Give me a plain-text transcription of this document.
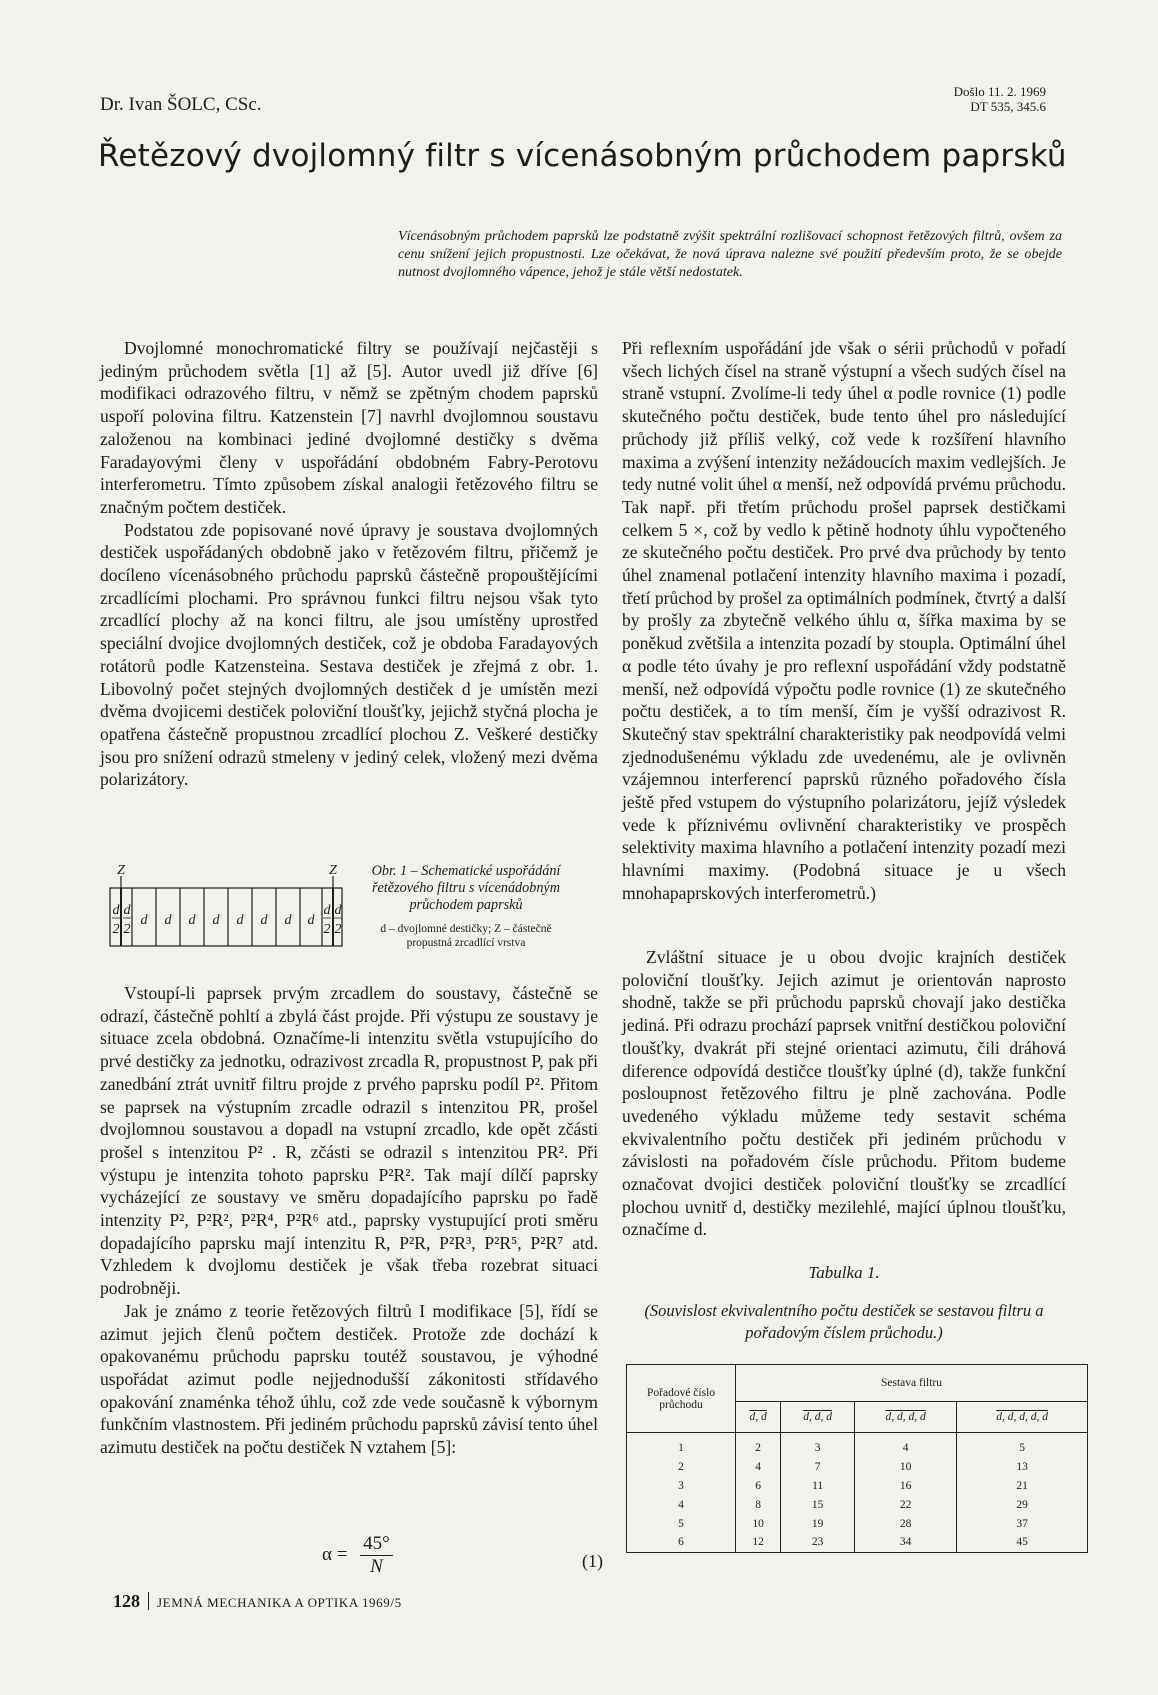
Dr. Ivan ŠOLC, CSc.
Došlo 11. 2. 1969
DT 535, 345.6
Řetězový dvojlomný filtr s vícenásobným průchodem paprsků
Vícenásobným průchodem paprsků lze podstatně zvýšit spektrální rozlišovací schopnost řetězových filtrů, ovšem za cenu snížení jejich propustnosti. Lze očekávat, že nová úprava nalezne své použití především proto, že se obejde nutnost dvojlomného vápence, jehož je stále větší nedostatek.

Dvojlomné monochromatické filtry se používají nejčastěji s jediným průchodem světla [1] až [5]. Autor uvedl již dříve [6] modifikaci odrazového filtru, v němž se zpětným chodem paprsků uspoří polovina filtru. Katzenstein [7] navrhl dvojlomnou soustavu založenou na kombinaci jediné dvojlomné destičky s dvěma Faradayovými členy v uspořádání obdobném Fabry-Perotovu interferometru. Tímto způsobem získal analogii řetězového filtru se značným počtem destiček.

Podstatou zde popisované nové úpravy je soustava dvojlomných destiček uspořádaných obdobně jako v řetězovém filtru, přičemž je docíleno vícenásobného průchodu paprsků částečně propouštějícími zrcadlícími plochami. Pro správnou funkci filtru nejsou však tyto zrcadlící plochy až na konci filtru, ale jsou umístěny uprostřed speciální dvojice dvojlomných destiček, což je obdoba Faradayových rotátorů podle Katzensteina. Sestava destiček je zřejmá z obr. 1. Libovolný počet stejných dvojlomných destiček d je umístěn mezi dvěma dvojicemi destiček poloviční tloušťky, jejichž styčná plocha je opatřena částečně propustnou zrcadlící plochou Z. Veškeré destičky jsou pro snížení odrazů stmeleny v jediný celek, vložený mezi dvěma polarizátory.

Z	Z
d
2
d
2
d d d d d d d d
d
2
d
2
Obr. 1 – Schematické uspořádání řetězového filtru s vícenádobným průchodem paprsků
d – dvojlomné destičky; Z – částečně propustná zrcadlící vrstva

Vstoupí-li paprsek prvým zrcadlem do soustavy, částečně se odrazí, částečně pohltí a zbylá část projde. Při výstupu ze soustavy je situace zcela obdobná. Označíme-li intenzitu světla vstupujícího do prvé destičky za jednotku, odrazivost zrcadla R, propustnost P, pak při zanedbání ztrát uvnitř filtru projde z prvého paprsku podíl P². Přitom se paprsek na výstupním zrcadle odrazil s intenzitou PR, prošel dvojlomnou soustavou a dopadl na vstupní zrcadlo, kde opět zčásti prošel s intenzitou P² . R, zčásti se odrazil s intenzitou PR². Při výstupu je intenzita tohoto paprsku P²R². Tak mají dílčí paprsky vycházející ze soustavy ve směru dopadajícího paprsku po řadě intenzity P², P²R², P²R⁴, P²R⁶ atd., paprsky vystupující proti směru dopadajícího paprsku mají intenzitu R, P²R, P²R³, P²R⁵, P²R⁷ atd. Vzhledem k dvojlomu destiček je však třeba rozebrat situaci podrobněji.

Jak je známo z teorie řetězových filtrů I modifikace [5], řídí se azimut jejich členů počtem destiček. Protože zde dochází k opakovanému průchodu paprsku toutéž soustavou, je výhodné uspořádat azimut podle nejjednodušší zákonitosti střídavého opakování znaménka téhož úhlu, což zde vede současně k výbornym funkčním vlastnostem. Při jediném průchodu paprsků závisí tento úhel azimutu destiček na počtu destiček N vztahem [5]:

$\alpha = \frac{45^\circ}{N}$	(1)

Při reflexním uspořádání jde však o sérii průchodů v pořadí všech lichých čísel na straně výstupní a všech sudých čísel na straně vstupní. Zvolíme-li tedy úhel α podle rovnice (1) podle skutečného počtu destiček, bude tento úhel pro následující průchody již příliš velký, což vede k rozšíření hlavního maxima a zvýšení intenzity nežádoucích maxim vedlejších. Je tedy nutné volit úhel α menší, než odpovídá prvému průchodu. Tak např. při třetím průchodu prošel paprsek destičkami celkem 5 ×, což by vedlo k pětině hodnoty úhlu vypočteného ze skutečného počtu destiček. Pro prvé dva průchody by tento úhel znamenal potlačení intenzity hlavního maxima i pozadí, třetí průchod by prošel za optimálních podmínek, čtvrtý a další by prošly za zbytečně velkého úhlu α, šířka maxima by se poněkud zvětšila a intenzita pozadí by stoupla. Optimální úhel α podle této úvahy je pro reflexní uspořádání vždy podstatně menší, než odpovídá výpočtu podle rovnice (1) ze skutečného počtu destiček, a to tím menší, čím je vyšší odrazivost R. Skutečný stav spektrální charakteristiky pak neodpovídá velmi zjednodušenému výkladu zde uvedenému, ale je ovlivněn vzájemnou interferencí paprsků různého pořadového čísla ještě před vstupem do výstupního polarizátoru, jejíž výsledek vede k příznivému ovlivnění charakteristiky ve prospěch selektivity maxima hlavního a potlačení intenzity pozadí mezi hlavními maximy. (Podobná situace je u všech mnohapaprskových interferometrů.)

Zvláštní situace je u obou dvojic krajních destiček poloviční tloušťky. Jejich azimut je orientován naprosto shodně, takže se při průchodu paprsků chovají jako destička jediná. Při odrazu prochází paprsek vnitřní destičkou poloviční tloušťky, dvakrát při stejné orientaci azimutu, čili dráhová diference odpovídá destičce tloušťky úplné (d), takže funkční posloupnost řetězového filtru je plně zachována. Podle uvedeného výkladu můžeme tedy sestavit schéma ekvivalentního počtu destiček při jediném průchodu v závislosti na pořadovém čísle průchodu. Přitom budeme označovat dvojici destiček poloviční tloušťky se zrcadlící plochou uvnitř d, destičky mezilehlé, mající úplnou tloušťku, označíme d.

Tabulka 1.
(Souvislost ekvivalentního počtu destiček se sestavou filtru a pořadovým číslem průchodu.)
Pořadové číslo průchodu	Sestava filtru			
	d, d	d, d, d	d, d, d, d	d, d, d, d, d
1	2	3	4	5
2	4	7	10	13
3	6	11	16	21
4	8	15	22	29
5	10	19	28	37
6	12	23	34	45
128 JEMNÁ MECHANIKA A OPTIKA 1969/5
